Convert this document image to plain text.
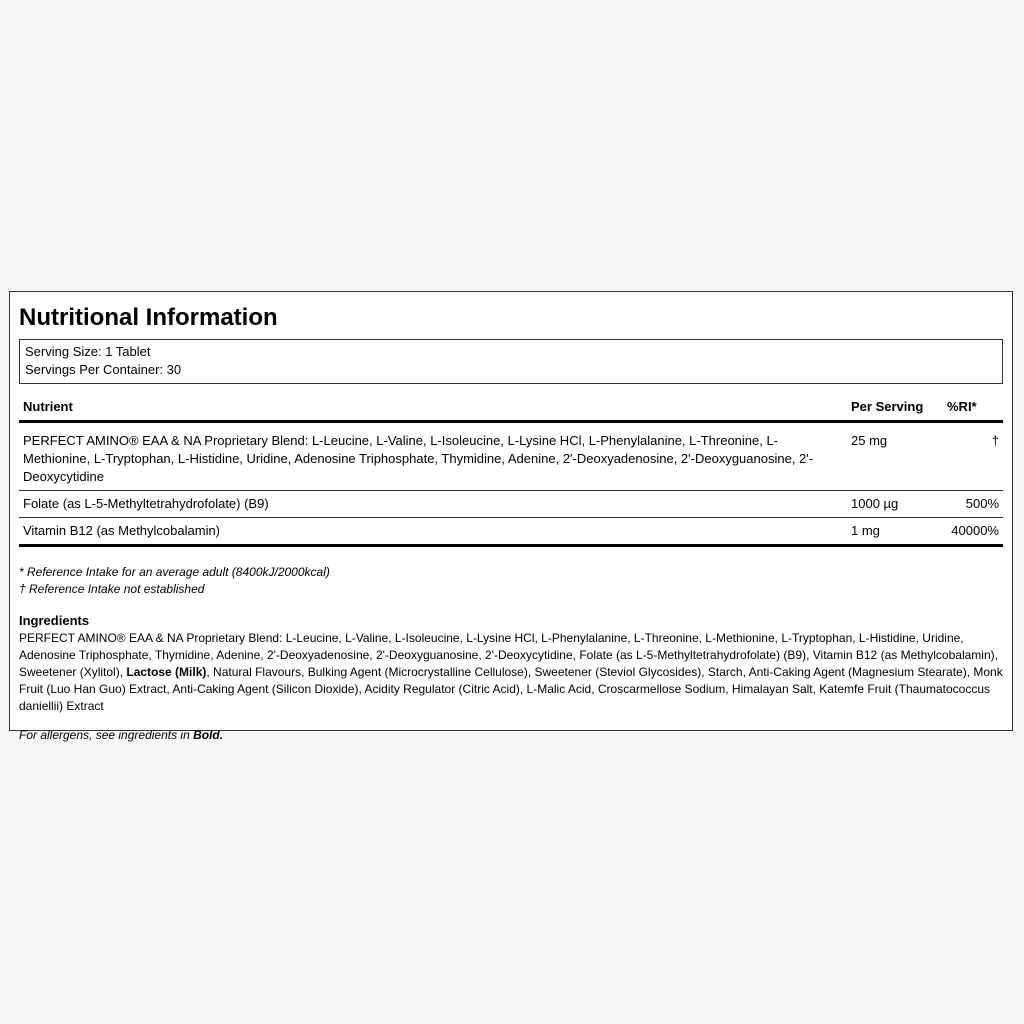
Nutritional Information
Serving Size: 1 Tablet
Servings Per Container: 30
Nutrient	Per Serving	%RI*
PERFECT AMINO® EAA & NA Proprietary Blend: L-Leucine, L-Valine, L-Isoleucine, L-Lysine HCl, L-Phenylalanine, L-Threonine, L-Methionine, L-Tryptophan, L-Histidine, Uridine, Adenosine Triphosphate, Thymidine, Adenine, 2'-Deoxyadenosine, 2'-Deoxyguanosine, 2'-Deoxycytidine	25 mg	†
Folate (as L-5-Methyltetrahydrofolate) (B9)	1000 µg	500%
Vitamin B12 (as Methylcobalamin)	1 mg	40000%
* Reference Intake for an average adult (8400kJ/2000kcal)
† Reference Intake not established
Ingredients
PERFECT AMINO® EAA & NA Proprietary Blend: L-Leucine, L-Valine, L-Isoleucine, L-Lysine HCl, L-Phenylalanine, L-Threonine, L-Methionine, L-Tryptophan, L-Histidine, Uridine, Adenosine Triphosphate, Thymidine, Adenine, 2'-Deoxyadenosine, 2'-Deoxyguanosine, 2'-Deoxycytidine, Folate (as L-5-Methyltetrahydrofolate) (B9), Vitamin B12 (as Methylcobalamin), Sweetener (Xylitol), Lactose (Milk), Natural Flavours, Bulking Agent (Microcrystalline Cellulose), Sweetener (Steviol Glycosides), Starch, Anti-Caking Agent (Magnesium Stearate), Monk Fruit (Luo Han Guo) Extract, Anti-Caking Agent (Silicon Dioxide), Acidity Regulator (Citric Acid), L-Malic Acid, Croscarmellose Sodium, Himalayan Salt, Katemfe Fruit (Thaumatococcus daniellii) Extract
For allergens, see ingredients in Bold.
